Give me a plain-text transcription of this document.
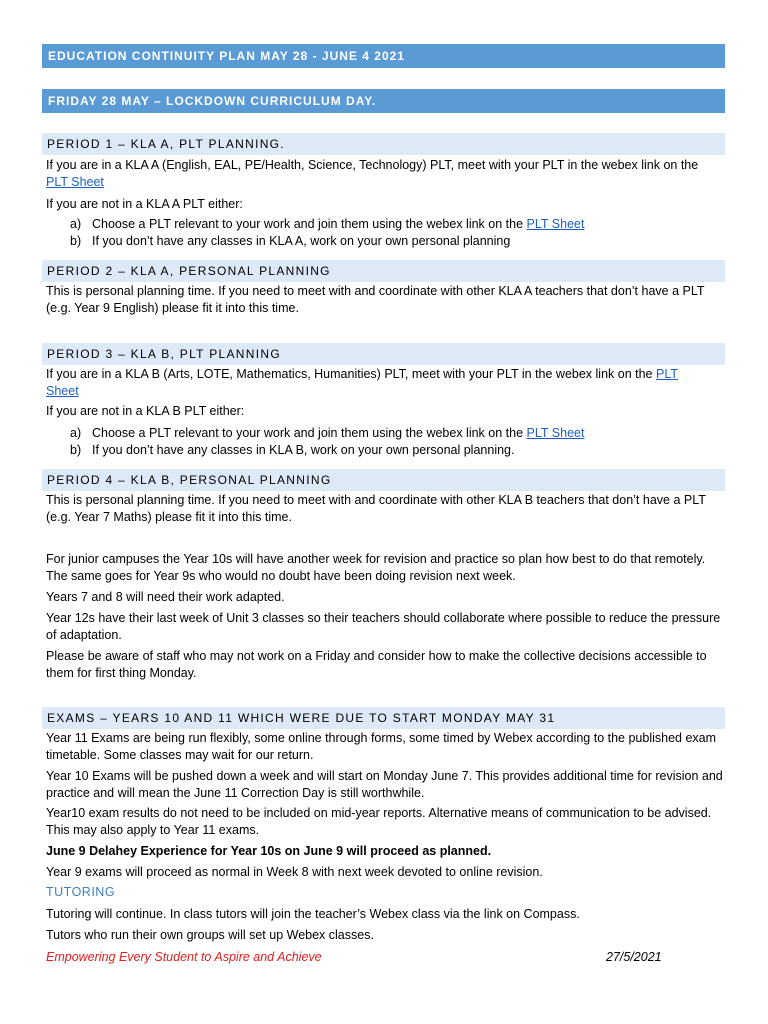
EDUCATION CONTINUITY PLAN MAY 28 - JUNE 4 2021
FRIDAY 28 MAY – LOCKDOWN CURRICULUM DAY.
PERIOD 1 – KLA A, PLT PLANNING.
If you are in a KLA A (English, EAL, PE/Health, Science, Technology) PLT, meet with your PLT in the webex link on the
PLT Sheet
If you are not in a KLA A PLT either:
a) Choose a PLT relevant to your work and join them using the webex link on the PLT Sheet
b) If you don’t have any classes in KLA A, work on your own personal planning
PERIOD 2 – KLA A, PERSONAL PLANNING
This is personal planning time. If you need to meet with and coordinate with other KLA A teachers that don’t have a PLT (e.g. Year 9 English) please fit it into this time.
PERIOD 3 – KLA B, PLT PLANNING
If you are in a KLA B (Arts, LOTE, Mathematics, Humanities) PLT, meet with your PLT in the webex link on the PLT
Sheet
If you are not in a KLA B PLT either:
a) Choose a PLT relevant to your work and join them using the webex link on the PLT Sheet
b) If you don’t have any classes in KLA B, work on your own personal planning.
PERIOD 4 – KLA B, PERSONAL PLANNING
This is personal planning time. If you need to meet with and coordinate with other KLA B teachers that don’t have a PLT (e.g. Year 7 Maths) please fit it into this time.
For junior campuses the Year 10s will have another week for revision and practice so plan how best to do that remotely. The same goes for Year 9s who would no doubt have been doing revision next week.
Years 7 and 8 will need their work adapted.
Year 12s have their last week of Unit 3 classes so their teachers should collaborate where possible to reduce the pressure of adaptation.
Please be aware of staff who may not work on a Friday and consider how to make the collective decisions accessible to them for first thing Monday.
EXAMS – YEARS 10 AND 11 WHICH WERE DUE TO START MONDAY MAY 31
Year 11 Exams are being run flexibly, some online through forms, some timed by Webex according to the published exam timetable. Some classes may wait for our return.
Year 10 Exams will be pushed down a week and will start on Monday June 7. This provides additional time for revision and practice and will mean the June 11 Correction Day is still worthwhile.
Year10 exam results do not need to be included on mid-year reports. Alternative means of communication to be advised. This may also apply to Year 11 exams.
June 9 Delahey Experience for Year 10s on June 9 will proceed as planned.
Year 9 exams will proceed as normal in Week 8 with next week devoted to online revision.
TUTORING
Tutoring will continue. In class tutors will join the teacher’s Webex class via the link on Compass.
Tutors who run their own groups will set up Webex classes.
Empowering Every Student to Aspire and Achieve	27/5/2021
